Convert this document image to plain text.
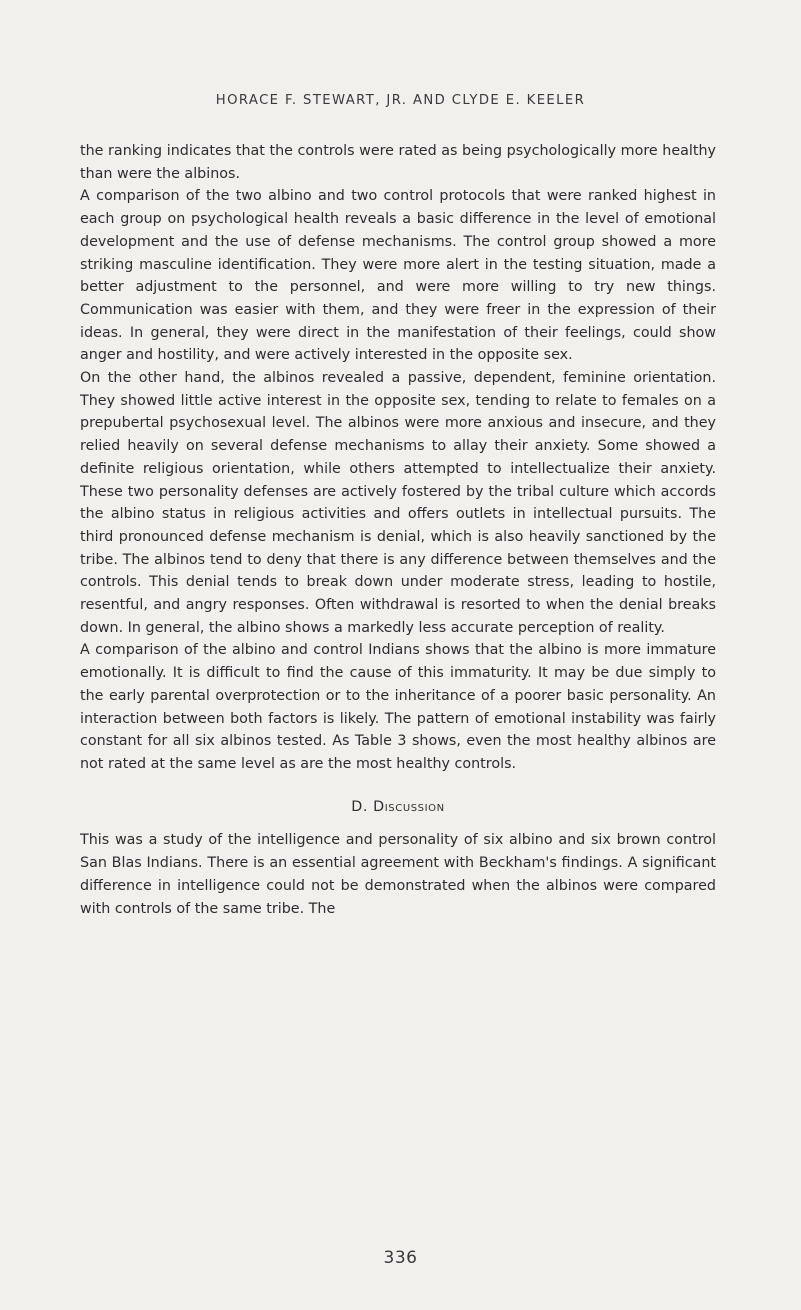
HORACE F. STEWART, JR. AND CLYDE E. KEELER

the ranking indicates that the controls were rated as being psychologically more healthy than were the albinos.

A comparison of the two albino and two control protocols that were ranked highest in each group on psychological health reveals a basic difference in the level of emotional development and the use of defense mechanisms. The control group showed a more striking masculine identification. They were more alert in the testing situation, made a better adjustment to the personnel, and were more willing to try new things. Communication was easier with them, and they were freer in the expression of their ideas. In general, they were direct in the manifestation of their feelings, could show anger and hostility, and were actively interested in the opposite sex.

On the other hand, the albinos revealed a passive, dependent, feminine orientation. They showed little active interest in the opposite sex, tending to relate to females on a prepubertal psychosexual level. The albinos were more anxious and insecure, and they relied heavily on several defense mechanisms to allay their anxiety. Some showed a definite religious orientation, while others attempted to intellectualize their anxiety. These two personality defenses are actively fostered by the tribal culture which accords the albino status in religious activities and offers outlets in intellectual pursuits. The third pronounced defense mechanism is denial, which is also heavily sanctioned by the tribe. The albinos tend to deny that there is any difference between themselves and the controls. This denial tends to break down under moderate stress, leading to hostile, resentful, and angry responses. Often withdrawal is resorted to when the denial breaks down. In general, the albino shows a markedly less accurate perception of reality.

A comparison of the albino and control Indians shows that the albino is more immature emotionally. It is difficult to find the cause of this immaturity. It may be due simply to the early parental overprotection or to the inheritance of a poorer basic personality. An interaction between both factors is likely. The pattern of emotional instability was fairly constant for all six albinos tested. As Table 3 shows, even the most healthy albinos are not rated at the same level as are the most healthy controls.

D. Discussion

This was a study of the intelligence and personality of six albino and six brown control San Blas Indians. There is an essential agreement with Beckham's findings. A significant difference in intelligence could not be demonstrated when the albinos were compared with controls of the same tribe. The

336
